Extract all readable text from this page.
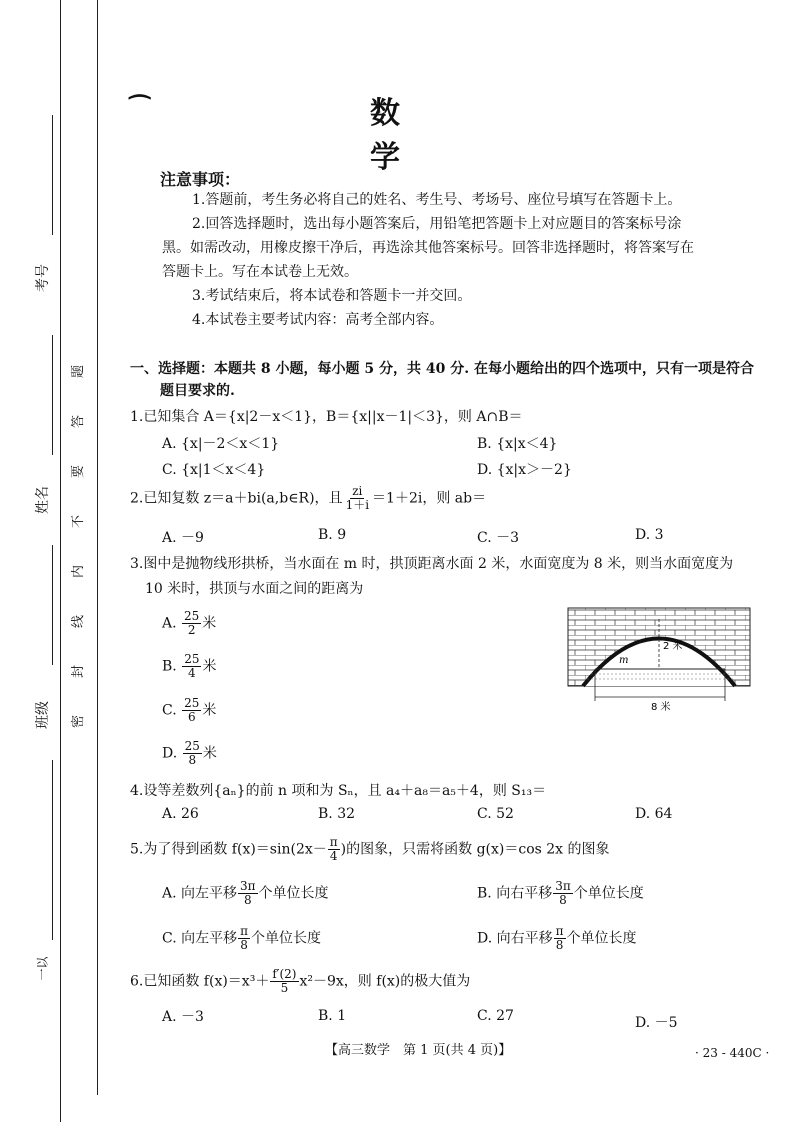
考号
姓名
班级
一以
题
答
要
不
内
线
封
密
⁀	数学
注意事项：
1.答题前，考生务必将自己的姓名、考生号、考场号、座位号填写在答题卡上。
2.回答选择题时，选出每小题答案后，用铅笔把答题卡上对应题目的答案标号涂
黑。如需改动，用橡皮擦干净后，再选涂其他答案标号。回答非选择题时，将答案写在
答题卡上。写在本试卷上无效。
3.考试结束后，将本试卷和答题卡一并交回。
4.本试卷主要考试内容：高考全部内容。
一、选择题：本题共 8 小题，每小题 5 分，共 40 分. 在每小题给出的四个选项中，只有一项是符合
题目要求的.
1.已知集合 A＝{x|2－x＜1}，B＝{x||x－1|＜3}，则 A∩B＝
A. {x|－2＜x＜1}	B. {x|x＜4}
C. {x|1＜x＜4}	D. {x|x＞－2}
2.已知复数 z＝a＋bi(a,b∈R)，且 $\frac{zi}{1+i} =1+2i$，则 ab＝
A. －9	B. 9	C. －3	D. 3
3.图中是抛物线形拱桥，当水面在 m 时，拱顶距离水面 2 米，水面宽度为 8 米，则当水面宽度为
10 米时，拱顶与水面之间的距离为
A. $\frac{25}{2}$ 米
B. $\frac{25}{4}$ 米
C. $\frac{25}{6}$ 米
D. $\frac{25}{8}$ 米
2 米
m
8 米
4.设等差数列{aₙ}的前 n 项和为 Sₙ，且 a₄＋a₈＝a₅＋4，则 S₁₃＝
A. 26	B. 32	C. 52	D. 64
5.为了得到函数 $f(x)=\sin(2x- \frac{\pi}{4}$ )的图象，只需将函数 g(x)＝cos 2x 的图象
A. 向左平移 $\frac{3\pi}{8}$ 个单位长度	B. 向右平移 $\frac{3\pi}{8}$ 个单位长度
C. 向左平移 $\frac{\pi}{8}$ 个单位长度	D. 向右平移 $\frac{\pi}{8}$ 个单位长度
6.已知函数 $f(x)=x^3+ \frac{f'(2)}{5} x^2-9x$，则 f(x)的极大值为
A. －3	B. 1	C. 27	D. －5
【高三数学　第 1 页(共 4 页)】	· 23 - 440C ·
